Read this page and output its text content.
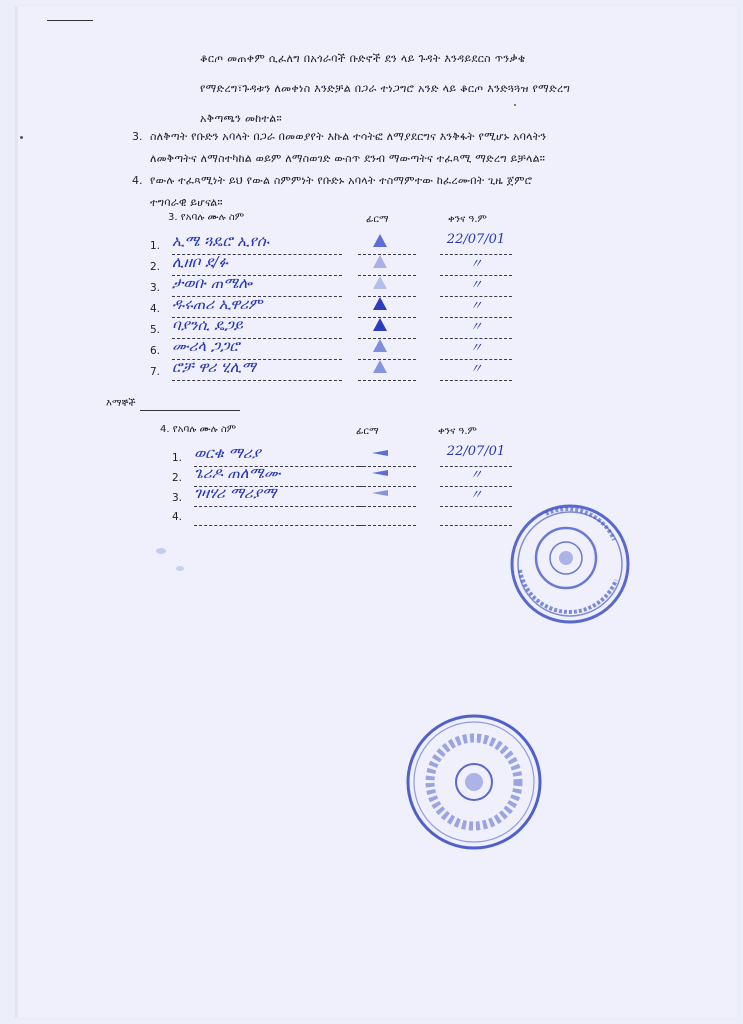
ቆርጦ መጠቀም ሲፈለግ በአጎራባች ቡድኖች ደን ላይ ጉዳት እንዳይደርስ ጥንቃቄ
የማድረግ፣ጉዳቱን ለመቀነስ እንድቻል በጋራ ተነጋግሮ አንድ ላይ ቆርጦ እንድጓጓዝ የማድረግ
አቅጣጫን መከተል።
3. ስለቅጣት የቡድን አባላት በጋራ በመወያየት እኩል ተሳትፎ ለማያደርግና እንቅፋት የሚሆኑ አባላትን
ለመቅጣትና ለማስተካከል ወይም ለማስወገድ ውስጥ ደንብ ማውጣትና ተፈጻሚ ማድረግ ይቻላል።
4. የውሉ ተፈጻሚነት ይህ የውል ስምምነት የቡድኑ አባላት ተስማምተው ከፈረሙበት ጊዜ ጀምሮ
ተግባራዊ ይሆናል።
3. የአባሉ ሙሉ ስም	ፊርማ	ቀንና ዓ.ም
1. ኢሜ ጓዴሮ ኢየሱ	22/07/01
2. ሊዘቦ ደ/ፉ	〃
3. ታወቡ ጠሜሎ	〃
4. ዱሩጠሪ ኢዋሪም	〃
5. ባያንሲ ዴጋይ	〃
6. ሙሪላ ጋጋሮ	〃
7. ሮቻ ዋሪ ሂሊማ	〃
እማኞች
4. የአባሉ ሙሉ ስም	ፊርማ	ቀንና ዓ.ም
1. ወርቁ ማሪያ	22/07/01
2. ጌሪዶ ጠለሜሙ	〃
3. ገዛሃሪ ማሪያማ	〃
4.
